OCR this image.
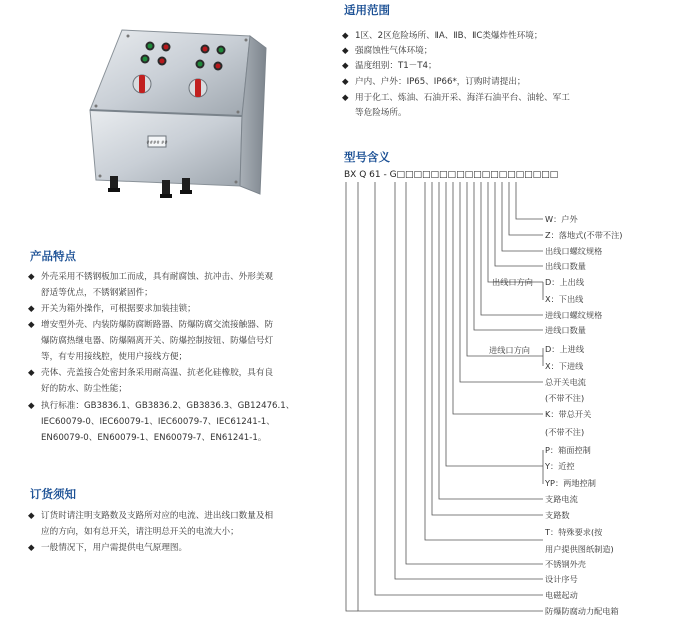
#### ##
适用范围
◆ 1区、2区危险场所、ⅡA、ⅡB、ⅡC类爆炸性环境；
◆ 强腐蚀性气体环境；
◆ 温度组别：T1－T4；
◆ 户内、户外：IP65、IP66*，订购时请提出；
◆ 用于化工、炼油、石油开采、海洋石油平台、油轮、军工
等危险场所。
型号含义
BX Q 61 - G□□□□□□□□□□□□□□□□□□□
W：户外
Z：落地式(不带不注)
出线口螺纹规格
出线口数量
出线口方向 D：上出线
X：下出线
进线口螺纹规格
进线口数量
进线口方向 D：上进线
X：下进线
总开关电流
(不带不注)
K：带总开关
(不带不注)
P：箱面控制
Y：近控
YP：两地控制
支路电流
支路数
T：特殊要求(按
用户提供图纸制造)
不锈钢外壳
设计序号
电磁起动
防爆防腐动力配电箱
产品特点
◆ 外壳采用不锈钢板加工而成，具有耐腐蚀、抗冲击、外形美观
舒适等优点，不锈钢紧固件；
◆ 开关为箱外操作，可根据要求加装挂锁；
◆ 增安型外壳、内装防爆防腐断路器、防爆防腐交流接触器、防
爆防腐热继电器、防爆隔离开关、防爆控制按钮、防爆信号灯
等，有专用接线腔，使用户接线方便；
◆ 壳体、壳盖接合处密封条采用耐高温、抗老化硅橡胶，具有良
好的防水、防尘性能；
◆ 执行标准：GB3836.1、GB3836.2、GB3836.3、GB12476.1、
IEC60079-0、IEC60079-1、IEC60079-7、IEC61241-1、
EN60079-0、EN60079-1、EN60079-7、EN61241-1。
订货须知
◆ 订货时请注明支路数及支路所对应的电流、进出线口数量及相
应的方向，如有总开关，请注明总开关的电流大小；
◆ 一般情况下，用户需提供电气原理图。
